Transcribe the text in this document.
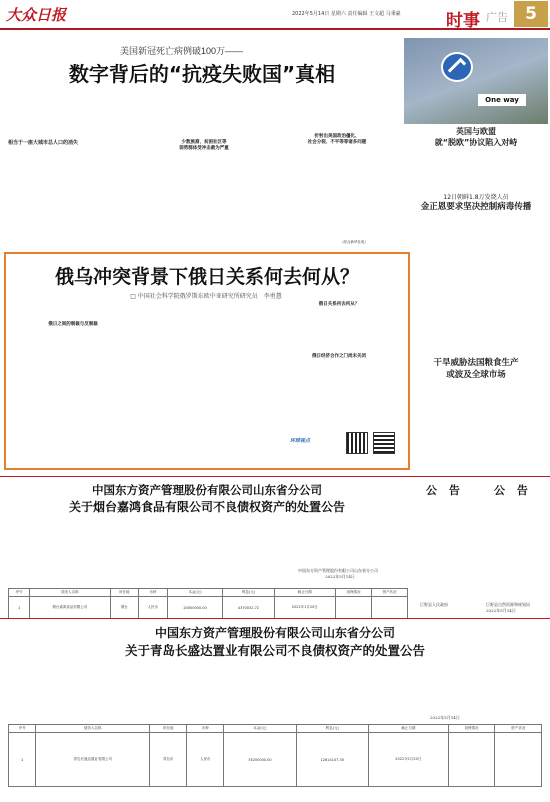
大众日报	2022年5月14日 星期六 责任编辑 王文超 马秉豪	时事 广告	5
美国新冠死亡病例破100万——
数字背后的“抗疫失败国”真相
相当于一座大城市总人口的消失	少数族裔、贫困社区等
弱势群体受冲击最为严重
折射出美国政治僵化、
社会分裂、不平等等诸多问题
（综合新华社电）
One way
英国与欧盟
就“脱欧”协议陷入对峙
12日朝鲜1.8万发烧人员
金正恩要求坚决控制病毒传播
干旱威胁法国粮食生产
或波及全球市场
俄乌冲突背景下俄日关系何去何从？
□ 中国社会科学院俄罗斯东欧中亚研究所研究员　李勇慧
俄日之间的制裁与反制裁
俄日关系何去何从？
俄日经济合作之门尚未关闭
环球视点
中国东方资产管理股份有限公司山东省分公司
关于烟台嘉鸿食品有限公司不良债权资产的处置公告
中国东方资产管理股份有限公司山东省分公司
2022年5月14日
序号	债务人名称	所在地	币种	本金(元)	利息(元)	截止日期	担保情况	资产状况
1	烟台嘉鸿食品有限公司	烟台	人民币	20000000.00	4370032.72	2022年1月20日		
公 告	公 告
巨野县人民政府	巨野县自然资源和规划局
2022年5月14日
中国东方资产管理股份有限公司山东省分公司
关于青岛长盛达置业有限公司不良债权资产的处置公告
2022年5月14日
序号	债务人名称	所在地	币种	本金(元)	利息(元)	截止日期	担保情况	资产状况
1	青岛长盛达置业有限公司	青岛市	人民币	35200000.00	12614107.30	2022年1月20日		
